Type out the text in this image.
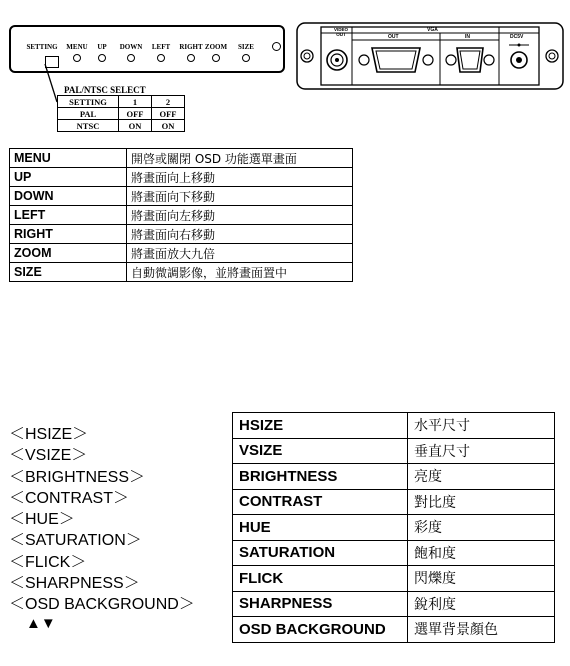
SETTING MENU UP DOWN LEFT RIGHT ZOOM SIZE
VIDEO OUT
VGA
OUT	IN	DC5V
PAL/NTSC SELECT
SETTING	1	2
PAL	OFF	OFF
NTSC	ON	ON
MENU	開啓或關閉 OSD 功能選單畫面
UP	將畫面向上移動
DOWN	將畫面向下移動
LEFT	將畫面向左移動
RIGHT	將畫面向右移動
ZOOM	將畫面放大九倍
SIZE	自動微調影像，並將畫面置中
＜HSIZE＞
＜VSIZE＞
＜BRIGHTNESS＞
＜CONTRAST＞
＜HUE＞
＜SATURATION＞
＜FLICK＞
＜SHARPNESS＞
＜OSD BACKGROUND＞
▲▼
HSIZE	水平尺寸
VSIZE	垂直尺寸
BRIGHTNESS	亮度
CONTRAST	對比度
HUE	彩度
SATURATION	飽和度
FLICK	閃爍度
SHARPNESS	銳利度
OSD BACKGROUND	選單背景顏色
